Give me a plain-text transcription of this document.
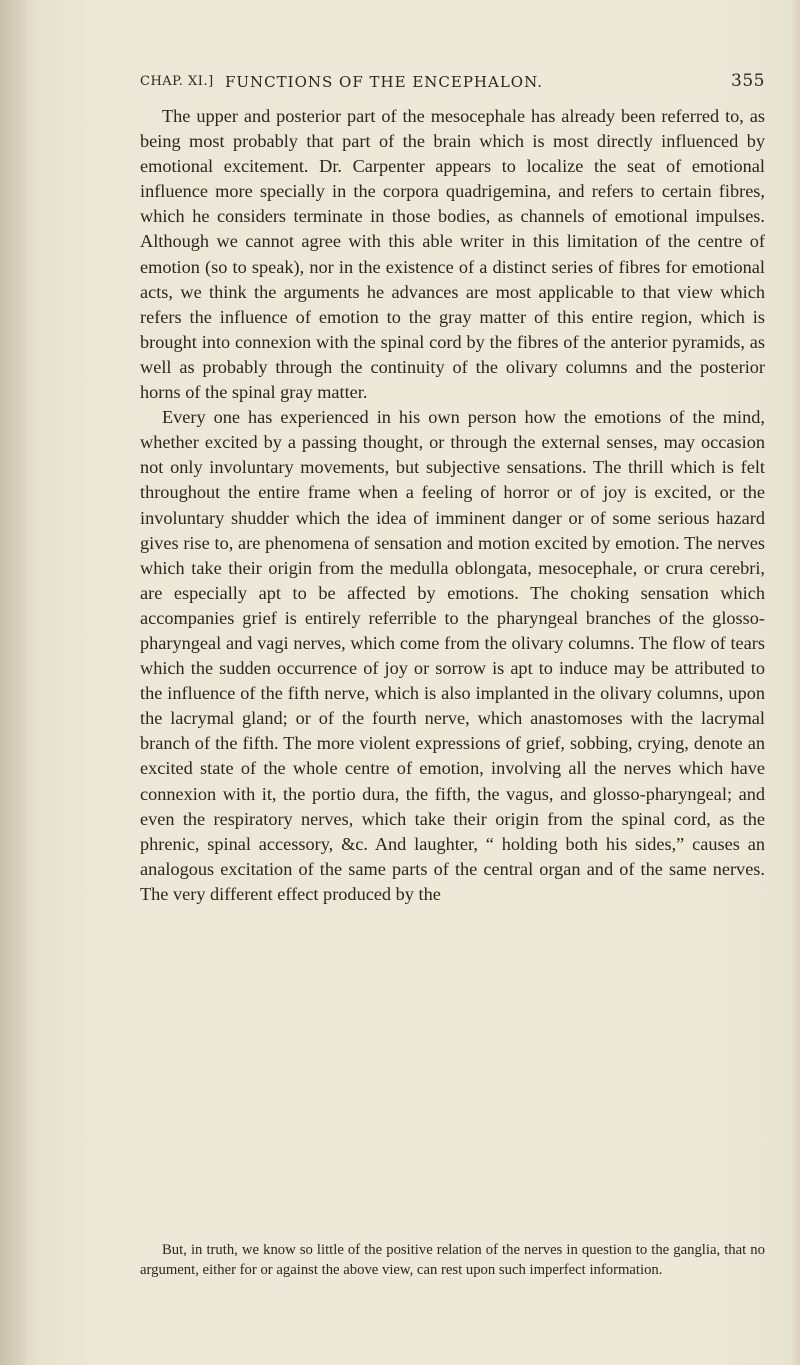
CHAP. XI.] FUNCTIONS OF THE ENCEPHALON.	355

The upper and posterior part of the mesocephale has already been referred to, as being most probably that part of the brain which is most directly influenced by emotional excitement. Dr. Carpenter appears to localize the seat of emotional influence more specially in the corpora quadrigemina, and refers to certain fibres, which he considers terminate in those bodies, as channels of emotional impulses. Although we cannot agree with this able writer in this limitation of the centre of emotion (so to speak), nor in the existence of a distinct series of fibres for emotional acts, we think the arguments he advances are most applicable to that view which refers the influence of emotion to the gray matter of this entire region, which is brought into connexion with the spinal cord by the fibres of the anterior pyramids, as well as probably through the continuity of the olivary columns and the posterior horns of the spinal gray matter.

Every one has experienced in his own person how the emotions of the mind, whether excited by a passing thought, or through the external senses, may occasion not only involuntary movements, but subjective sensations. The thrill which is felt throughout the entire frame when a feeling of horror or of joy is excited, or the involuntary shudder which the idea of imminent danger or of some serious hazard gives rise to, are phenomena of sensation and motion excited by emotion. The nerves which take their origin from the medulla oblongata, mesocephale, or crura cerebri, are especially apt to be affected by emotions. The choking sensation which accompanies grief is entirely referrible to the pharyngeal branches of the glosso-pharyngeal and vagi nerves, which come from the olivary columns. The flow of tears which the sudden occurrence of joy or sorrow is apt to induce may be attributed to the influence of the fifth nerve, which is also implanted in the olivary columns, upon the lacrymal gland; or of the fourth nerve, which anastomoses with the lacrymal branch of the fifth. The more violent expressions of grief, sobbing, crying, denote an excited state of the whole centre of emotion, involving all the nerves which have connexion with it, the portio dura, the fifth, the vagus, and glosso-pharyngeal; and even the respiratory nerves, which take their origin from the spinal cord, as the phrenic, spinal accessory, &c. And laughter, “ holding both his sides,” causes an analogous excitation of the same parts of the central organ and of the same nerves. The very different effect produced by the

But, in truth, we know so little of the positive relation of the nerves in question to the ganglia, that no argument, either for or against the above view, can rest upon such imperfect information.
